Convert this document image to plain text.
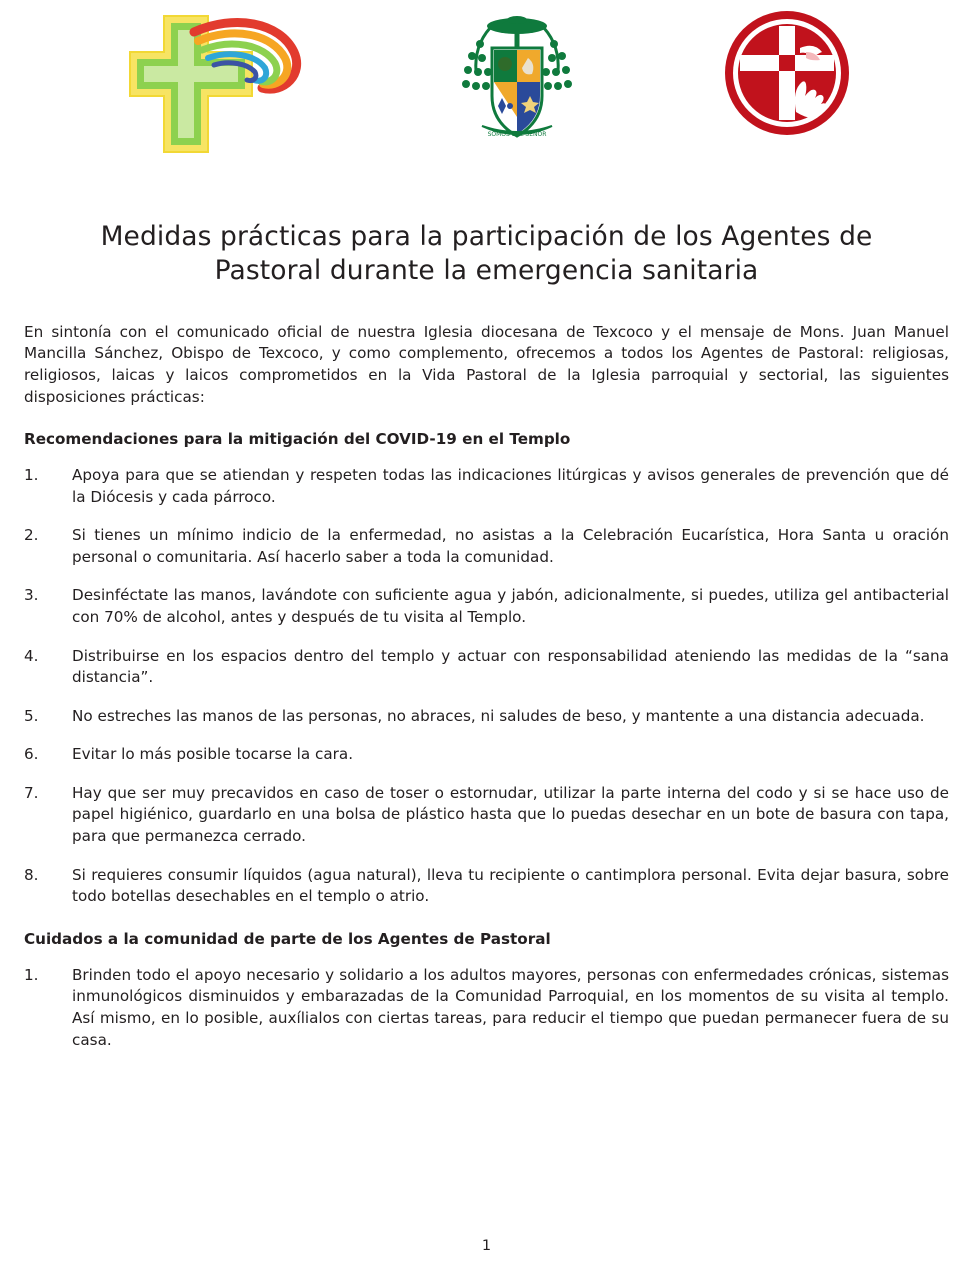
SOMOS DEL SEÑOR
Medidas prácticas para la participación de los Agentes de Pastoral durante la emergencia sanitaria

En sintonía con el comunicado oficial de nuestra Iglesia diocesana de Texcoco y el mensaje de Mons. Juan Manuel Mancilla Sánchez, Obispo de Texcoco, y como complemento, ofrecemos a todos los Agentes de Pastoral: religiosas, religiosos, laicas y laicos comprometidos en la Vida Pastoral de la Iglesia parroquial y sectorial, las siguientes disposiciones prácticas:

Recomendaciones para la mitigación del COVID-19 en el Templo
1.	Apoya para que se atiendan y respeten todas las indicaciones litúrgicas y avisos generales de prevención que dé la Diócesis y cada párroco.
2.	Si tienes un mínimo indicio de la enfermedad, no asistas a la Celebración Eucarística, Hora Santa u oración personal o comunitaria. Así hacerlo saber a toda la comunidad.
3.	Desinféctate las manos, lavándote con suficiente agua y jabón, adicionalmente, si puedes, utiliza gel antibacterial con 70% de alcohol, antes y después de tu visita al Templo.
4.	Distribuirse en los espacios dentro del templo y actuar con responsabilidad ateniendo las medidas de la “sana distancia”.
5.	No estreches las manos de las personas, no abraces, ni saludes de beso, y mantente a una distancia adecuada.
6.	Evitar lo más posible tocarse la cara.
7.	Hay que ser muy precavidos en caso de toser o estornudar, utilizar la parte interna del codo y si se hace uso de papel higiénico, guardarlo en una bolsa de plástico hasta que lo puedas desechar en un bote de basura con tapa, para que permanezca cerrado.
8.	Si requieres consumir líquidos (agua natural), lleva tu recipiente o cantimplora personal. Evita dejar basura, sobre todo botellas desechables en el templo o atrio.
Cuidados a la comunidad de parte de los Agentes de Pastoral
1.	Brinden todo el apoyo necesario y solidario a los adultos mayores, personas con enfermedades crónicas, sistemas inmunológicos disminuidos y embarazadas de la Comunidad Parroquial, en los momentos de su visita al templo. Así mismo, en lo posible, auxílialos con ciertas tareas, para reducir el tiempo que puedan permanecer fuera de su casa.
1
